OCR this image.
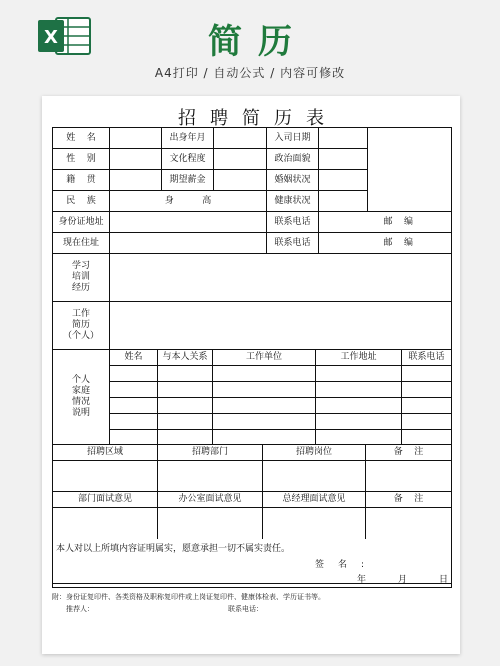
X	简历
A4打印 / 自动公式 / 内容可修改
招聘简历表
姓    名	出身年月	入司日期
性    别	文化程度	政治面貌
籍    贯	期望薪金	婚姻状况
民    族	身          高	健康状况
身份证地址	联系电话	邮    编
现在住址	联系电话	邮    编
学习
培训
经历
工作
简历
（个人）
个人
家庭
情况
说明
姓名	与本人关系	工作单位	工作地址	联系电话
招聘区域	招聘部门	招聘岗位	备    注
部门面试意见	办公室面试意见	总经理面试意见	备    注
本人对以上所填内容证明属实，愿意承担一切不属实责任。
签名:
年	月	日
附：身份证复印件、各类资格及职称复印件或上岗证复印件、健康体检表、学历证书等。
推荐人：	联系电话：
